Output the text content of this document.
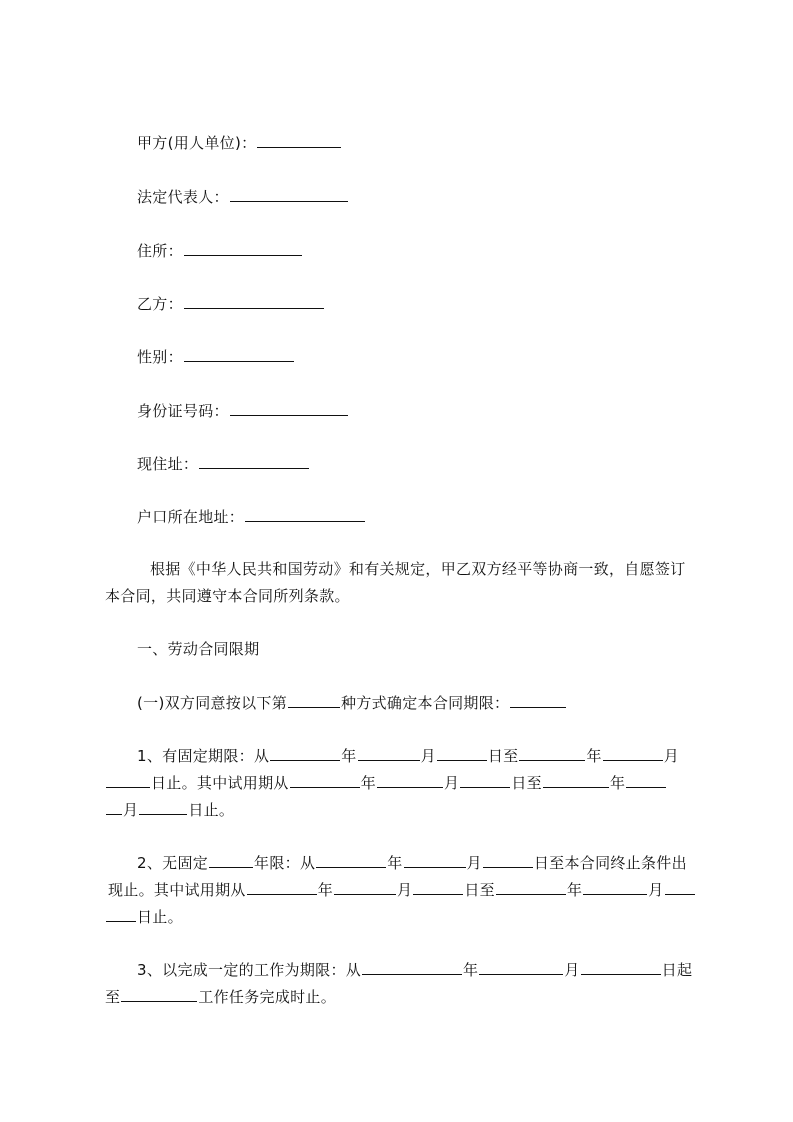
甲方(用人单位)：
法定代表人：
住所：
乙方：
性别：
身份证号码：
现住址：
户口所在地址：
根据《中华人民共和国劳动》和有关规定，甲乙双方经平等协商一致，自愿签订
本合同，共同遵守本合同所列条款。
一、劳动合同限期
(一)双方同意按以下第	种方式确定本合同期限：
1、有固定期限：从	年	月	日至	年	月
日止。其中试用期从	年	月	日至	年
月	日止。
2、无固定	年限：从	年	月	日至本合同终止条件出
现止。其中试用期从	年	月	日至	年	月
日止。
3、以完成一定的工作为期限：从	年	月	日起
至	工作任务完成时止。
